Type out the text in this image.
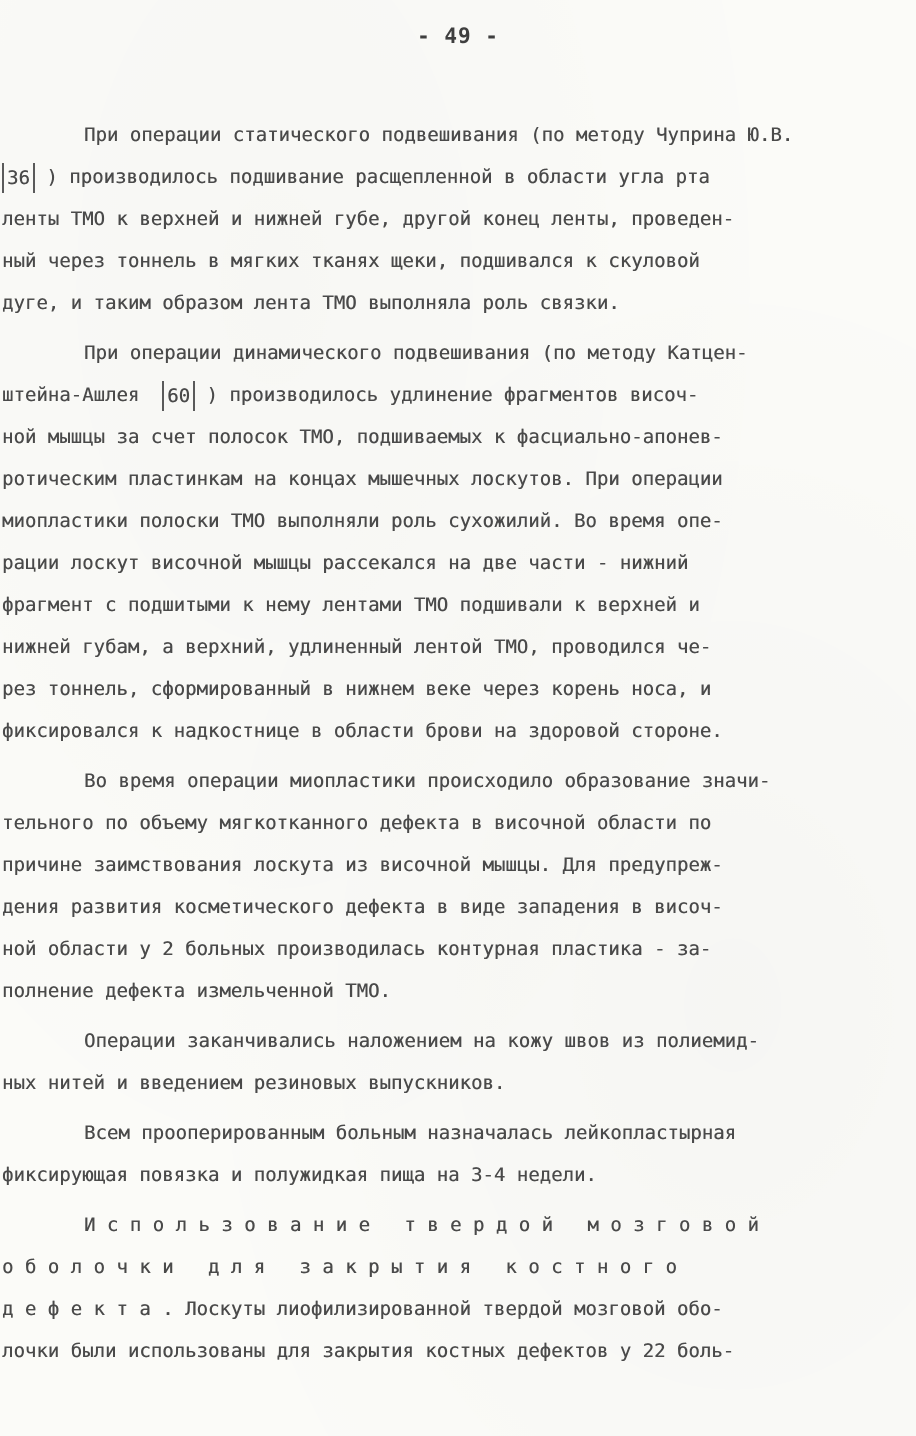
- 49 -
При операции статического подвешивания (по методу Чуприна Ю.В.
36 ) производилось подшивание расщепленной в области угла рта
ленты ТМО к верхней и нижней губе, другой конец ленты, проведен-
ный через тоннель в мягких тканях щеки, подшивался к скуловой
дуге, и таким образом лента ТМО выполняла роль связки.
При операции динамического подвешивания (по методу Катцен-
штейна-Ашлея  60 ) производилось удлинение фрагментов височ-
ной мышцы за счет полосок ТМО, подшиваемых к фасциально-апонев-
ротическим пластинкам на концах мышечных лоскутов. При операции
миопластики полоски ТМО выполняли роль сухожилий. Во время опе-
рации лоскут височной мышцы рассекался на две части - нижний
фрагмент с подшитыми к нему лентами ТМО подшивали к верхней и
нижней губам, а верхний, удлиненный лентой ТМО, проводился че-
рез тоннель, сформированный в нижнем веке через корень носа, и
фиксировался к надкостнице в области брови на здоровой стороне.
Во время операции миопластики происходило образование значи-
тельного по объему мягкотканного дефекта в височной области по
причине заимствования лоскута из височной мышцы. Для предупреж-
дения развития косметического дефекта в виде западения в височ-
ной области у 2 больных производилась контурная пластика - за-
полнение дефекта измельченной ТМО.
Операции заканчивались наложением на кожу швов из полиемид-
ных нитей и введением резиновых выпускников.
Всем прооперированным больным назначалась лейкопластырная
фиксирующая повязка и полужидкая пища на 3-4 недели.
И с п о л ь з о в а н и е   т в е р д о й   м о з г о в о й
о б о л о ч к и   д л я   з а к р ы т и я   к о с т н о г о
д е ф е к т а . Лоскуты лиофилизированной твердой мозговой обо-
лочки были использованы для закрытия костных дефектов у 22 боль-
